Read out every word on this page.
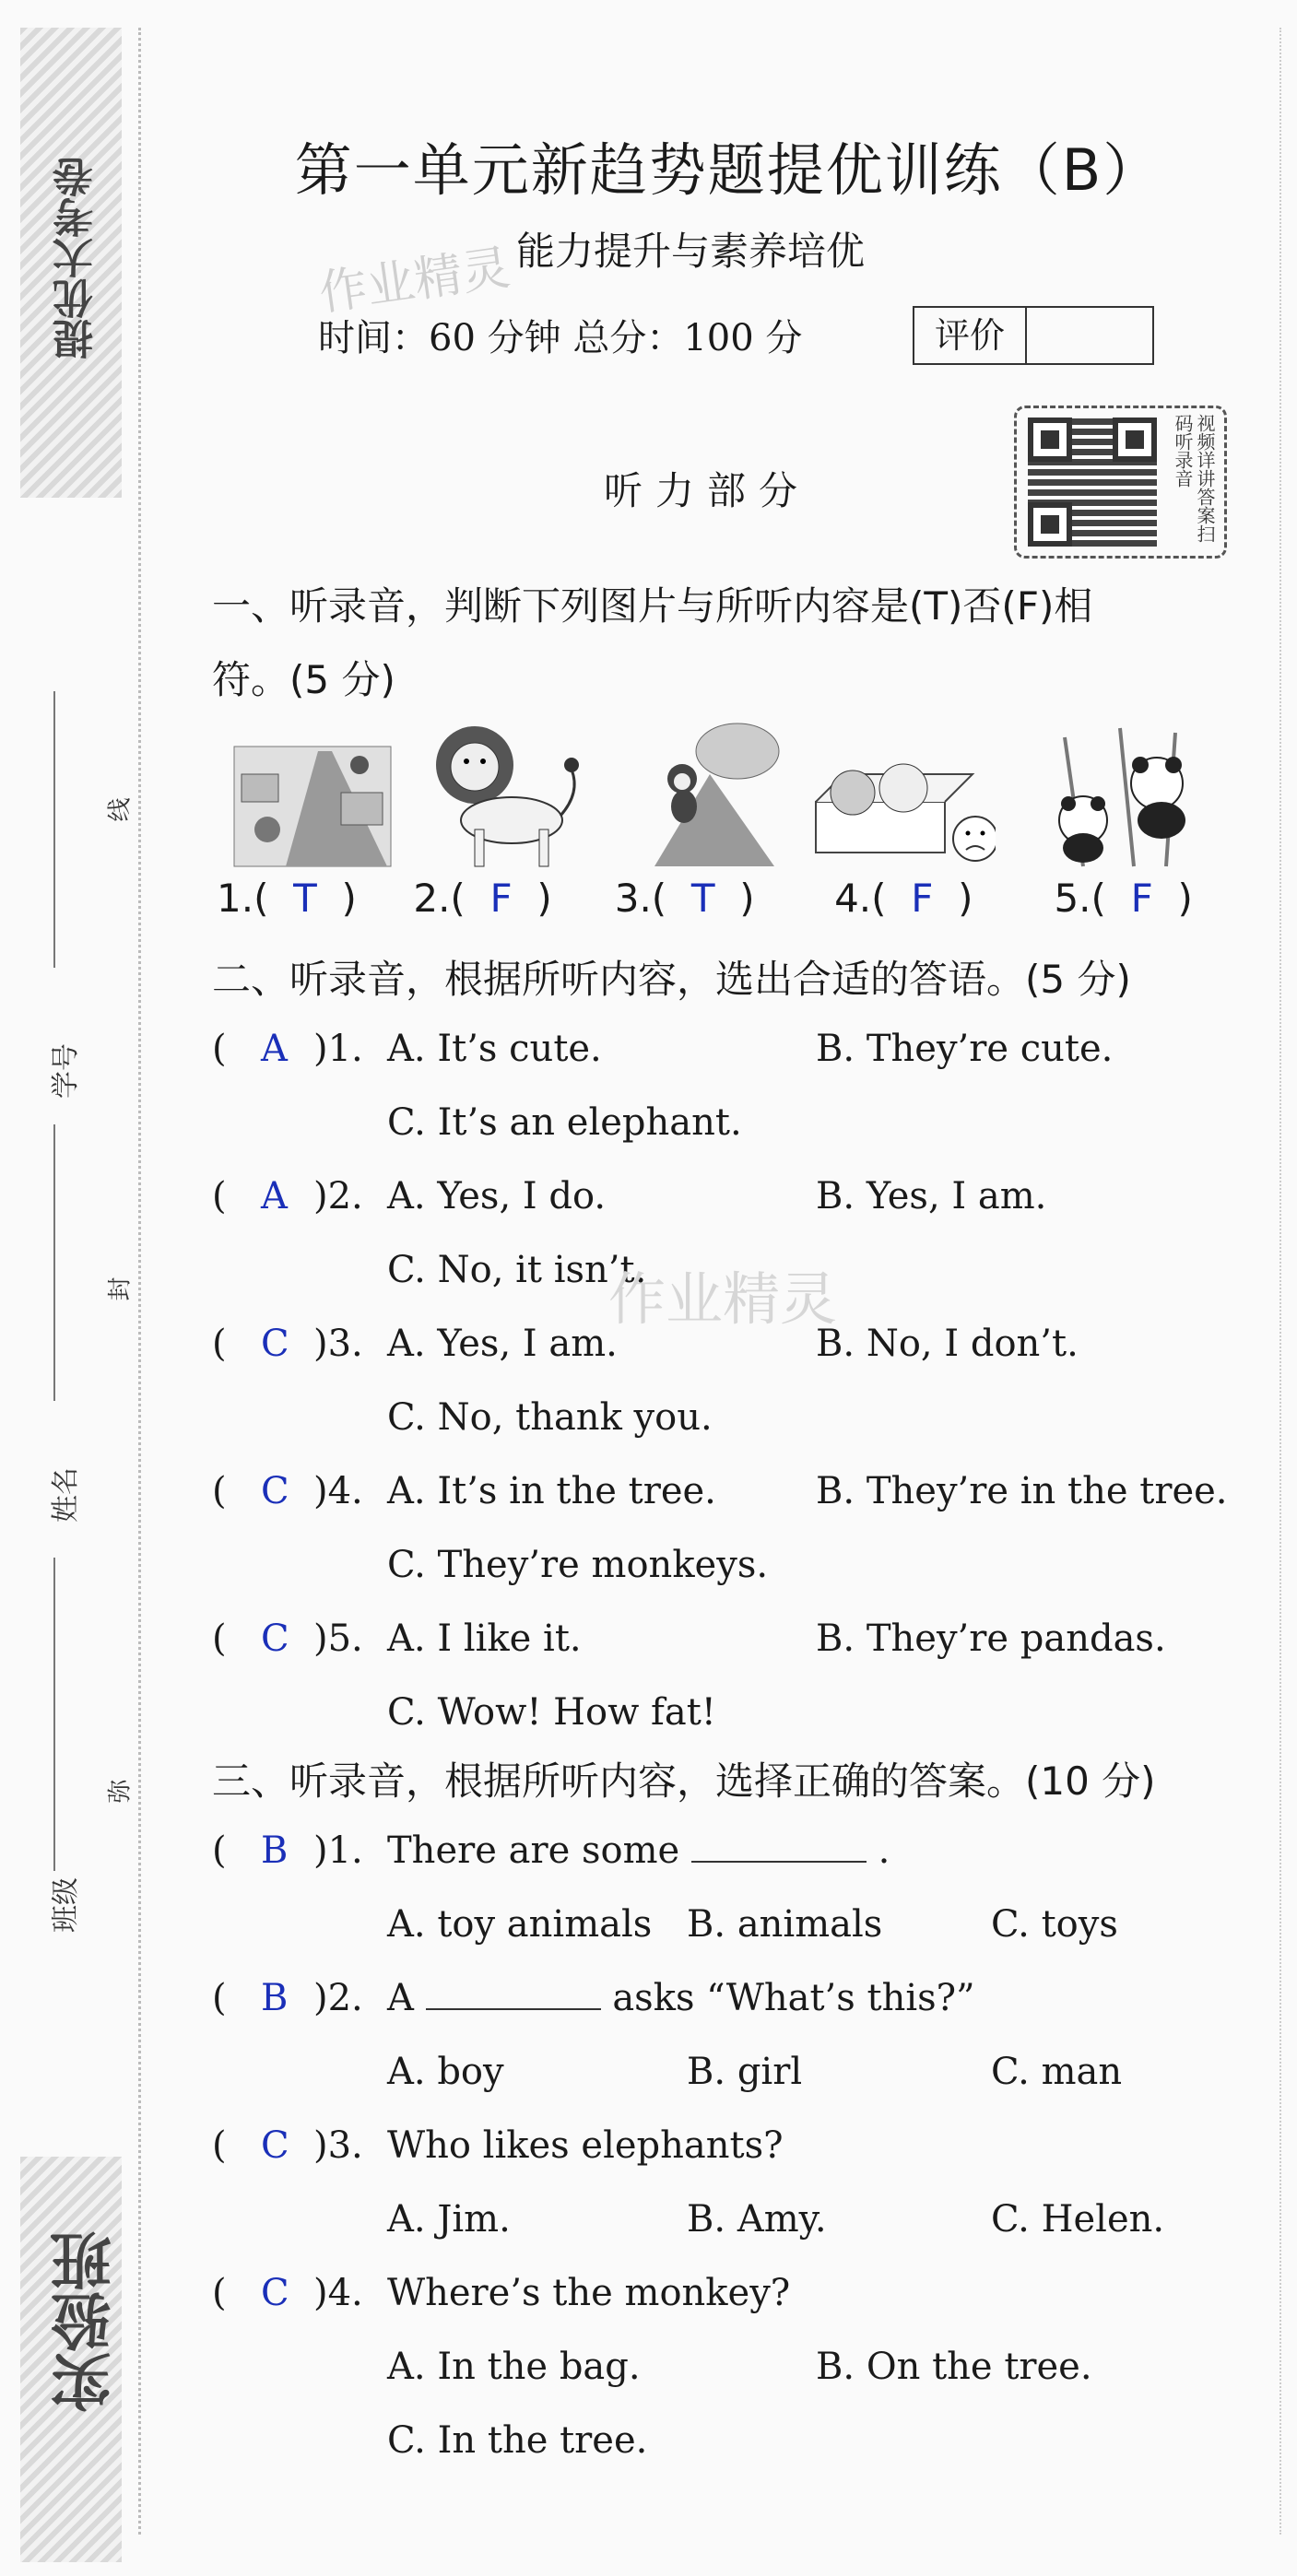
提优大考卷
实验班
学号
姓名
班级
线
封
弥
第一单元新趋势题提优训练（B）
作业精灵 能力提升与素养培优
时间：60 分钟 总分：100 分	评价
视频详讲答案扫码听录音
听力部分
一、听录音，判断下列图片与所听内容是(T)否(F)相
符。(5 分)
1.( T ) 2.( F ) 3.( T ) 4.( F ) 5.( F )
二、听录音，根据所听内容，选出合适的答语。(5 分)
( A )1. A. It’s cute.	B. They’re cute.
C. It’s an elephant.
( A )2. A. Yes, I do.	B. Yes, I am.
C. No, it isn’t.
( C )3. A. Yes, I am.	B. No, I don’t.
C. No, thank you.
( C )4. A. It’s in the tree.	B. They’re in the tree.
C. They’re monkeys.
( C )5. A. I like it.	B. They’re pandas.
C. Wow! How fat!
作业精灵
三、听录音，根据所听内容，选择正确的答案。(10 分)
( B )1. There are some	.
A. toy animals B. animals	C. toys
( B )2. A	asks “What’s this?”
A. boy	B. girl	C. man
( C )3. Who likes elephants?
A. Jim.	B. Amy.	C. Helen.
( C )4. Where’s the monkey?
A. In the bag.	B. On the tree.
C. In the tree.
